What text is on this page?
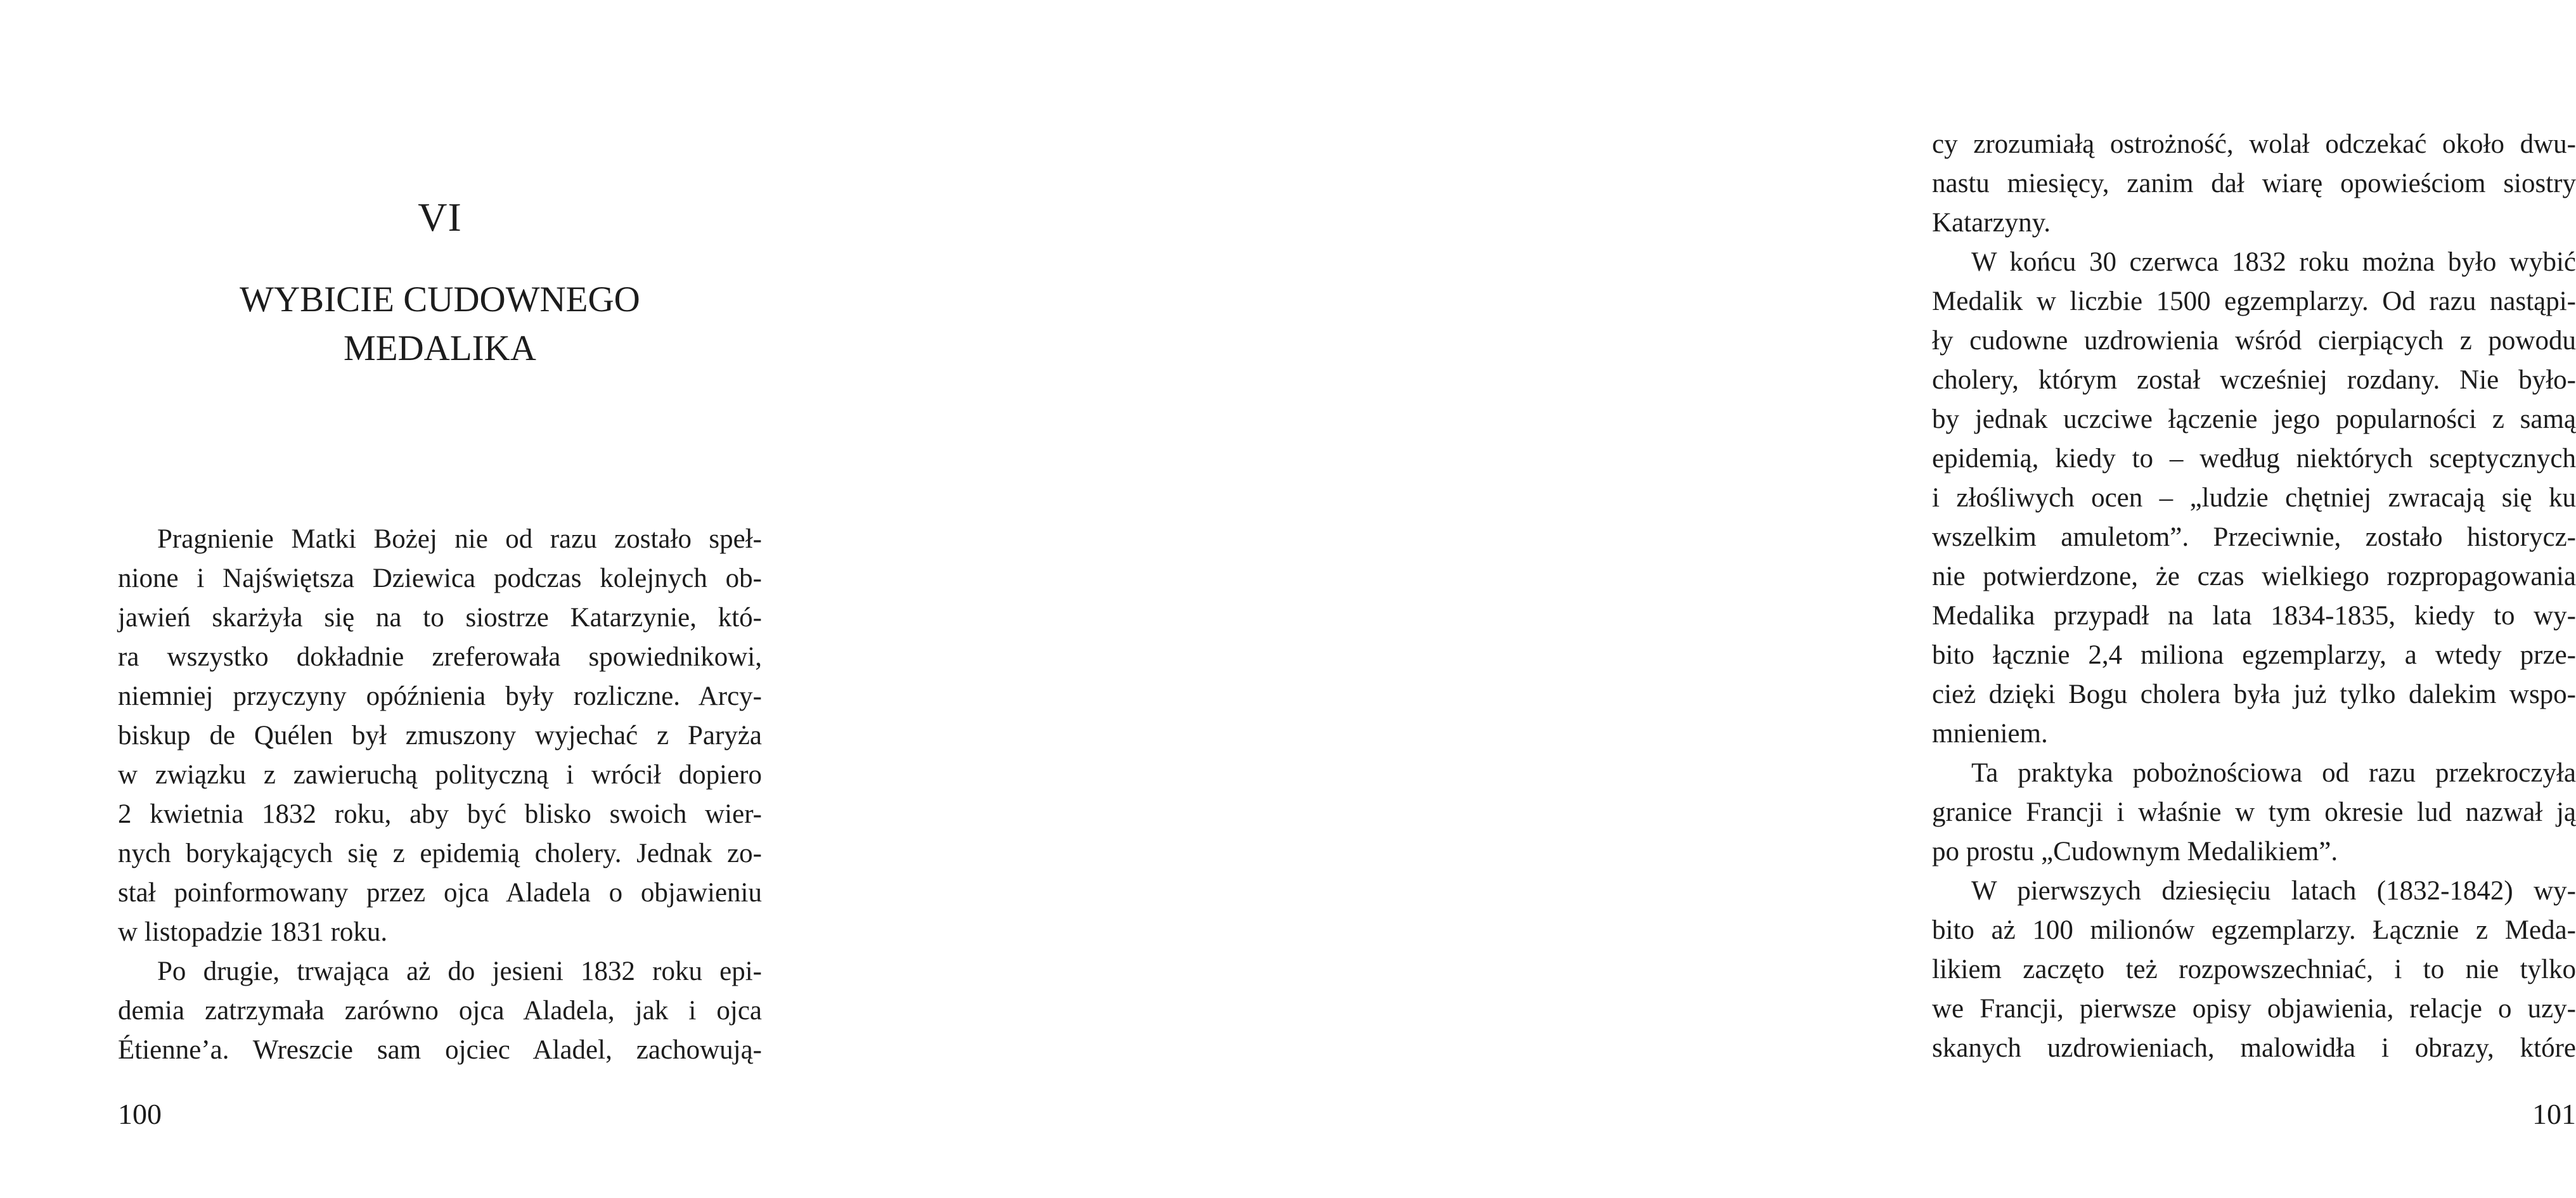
VI
WYBICIE CUDOWNEGO
MEDALIKA
Pragnienie Matki Bożej nie od razu zostało speł-
nione i Najświętsza Dziewica podczas kolejnych ob-
jawień skarżyła się na to siostrze Katarzynie, któ-
ra wszystko dokładnie zreferowała spowiednikowi,
niemniej przyczyny opóźnienia były rozliczne. Arcy-
biskup de Quélen był zmuszony wyjechać z Paryża
w związku z zawieruchą polityczną i wrócił dopiero
2 kwietnia 1832 roku, aby być blisko swoich wier-
nych borykających się z epidemią cholery. Jednak zo-
stał poinformowany przez ojca Aladela o objawieniu
w listopadzie 1831 roku.
Po drugie, trwająca aż do jesieni 1832 roku epi-
demia zatrzymała zarówno ojca Aladela, jak i ojca
Étienne’a. Wreszcie sam ojciec Aladel, zachowują-
100
cy zrozumiałą ostrożność, wolał odczekać około dwu-
nastu miesięcy, zanim dał wiarę opowieściom siostry
Katarzyny.
W końcu 30 czerwca 1832 roku można było wybić
Medalik w liczbie 1500 egzemplarzy. Od razu nastąpi-
ły cudowne uzdrowienia wśród cierpiących z powodu
cholery, którym został wcześniej rozdany. Nie było-
by jednak uczciwe łączenie jego popularności z samą
epidemią, kiedy to – według niektórych sceptycznych
i złośliwych ocen – „ludzie chętniej zwracają się ku
wszelkim amuletom”. Przeciwnie, zostało historycz-
nie potwierdzone, że czas wielkiego rozpropagowania
Medalika przypadł na lata 1834-1835, kiedy to wy-
bito łącznie 2,4 miliona egzemplarzy, a wtedy prze-
cież dzięki Bogu cholera była już tylko dalekim wspo-
mnieniem.
Ta praktyka pobożnościowa od razu przekroczyła
granice Francji i właśnie w tym okresie lud nazwał ją
po prostu „Cudownym Medalikiem”.
W pierwszych dziesięciu latach (1832-1842) wy-
bito aż 100 milionów egzemplarzy. Łącznie z Meda-
likiem zaczęto też rozpowszechniać, i to nie tylko
we Francji, pierwsze opisy objawienia, relacje o uzy-
skanych uzdrowieniach, malowidła i obrazy, które
101
